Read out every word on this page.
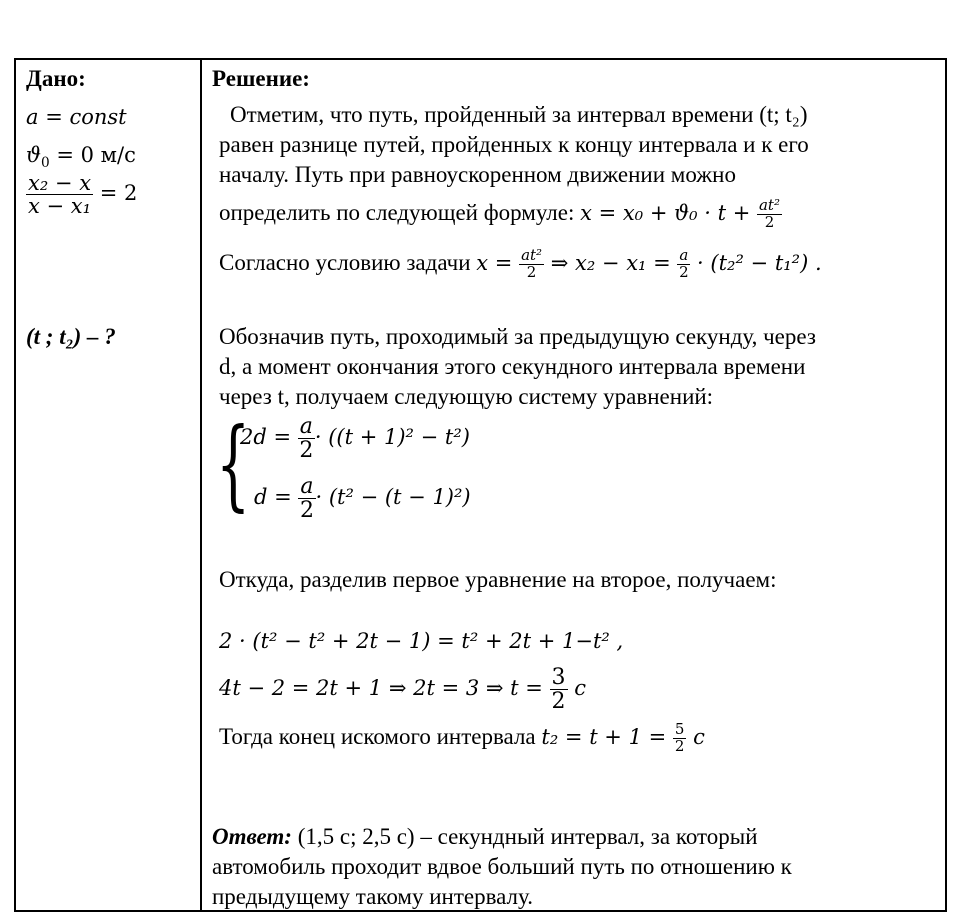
Дано:
a = const
$ϑ_0 = 0$ м/с
$\frac{\text{x₂ − x}}{\text{x − x₁}} = 2$
(t ; t₂) – ?
Решение:
Отметим, что путь, пройденный за интервал времени (t; t₂)
равен разнице путей, пройденных к концу интервала и к его
началу. Путь при равноускоренном движении можно
определить по следующей формуле: $x = x_0 + ϑ_0 \cdot t + \frac{\text{at²}}{2}$
Согласно условию задачи $x = \frac{\text{at²}}{2}$ ⇒ $x_2 - x_1 = \frac{a}{2} \cdot (t_2^2 - t_1^2)$ .
Обозначив путь, проходимый за предыдущую секунду, через
d, а момент окончания этого секундного интервала времени
через t, получаем следующую систему уравнений:
{
$2d = \frac{a}{2} \cdot ((t + 1)^2 - t^2)$
$d = \frac{a}{2} \cdot (t^2 - (t - 1)^2)$
Откуда, разделив первое уравнение на второе, получаем:
2 · (t² − t² + 2t − 1) = t² + 2t + 1−t² ,
4t − 2 = 2t + 1 ⇒ 2t = 3 ⇒ $t = \frac{3}{2}$ c
Тогда конец искомого интервала $t_2 = t + 1 = \frac{5}{2}$ c
Ответ: (1,5 с; 2,5 с) – секундный интервал, за который
автомобиль проходит вдвое больший путь по отношению к
предыдущему такому интервалу.
